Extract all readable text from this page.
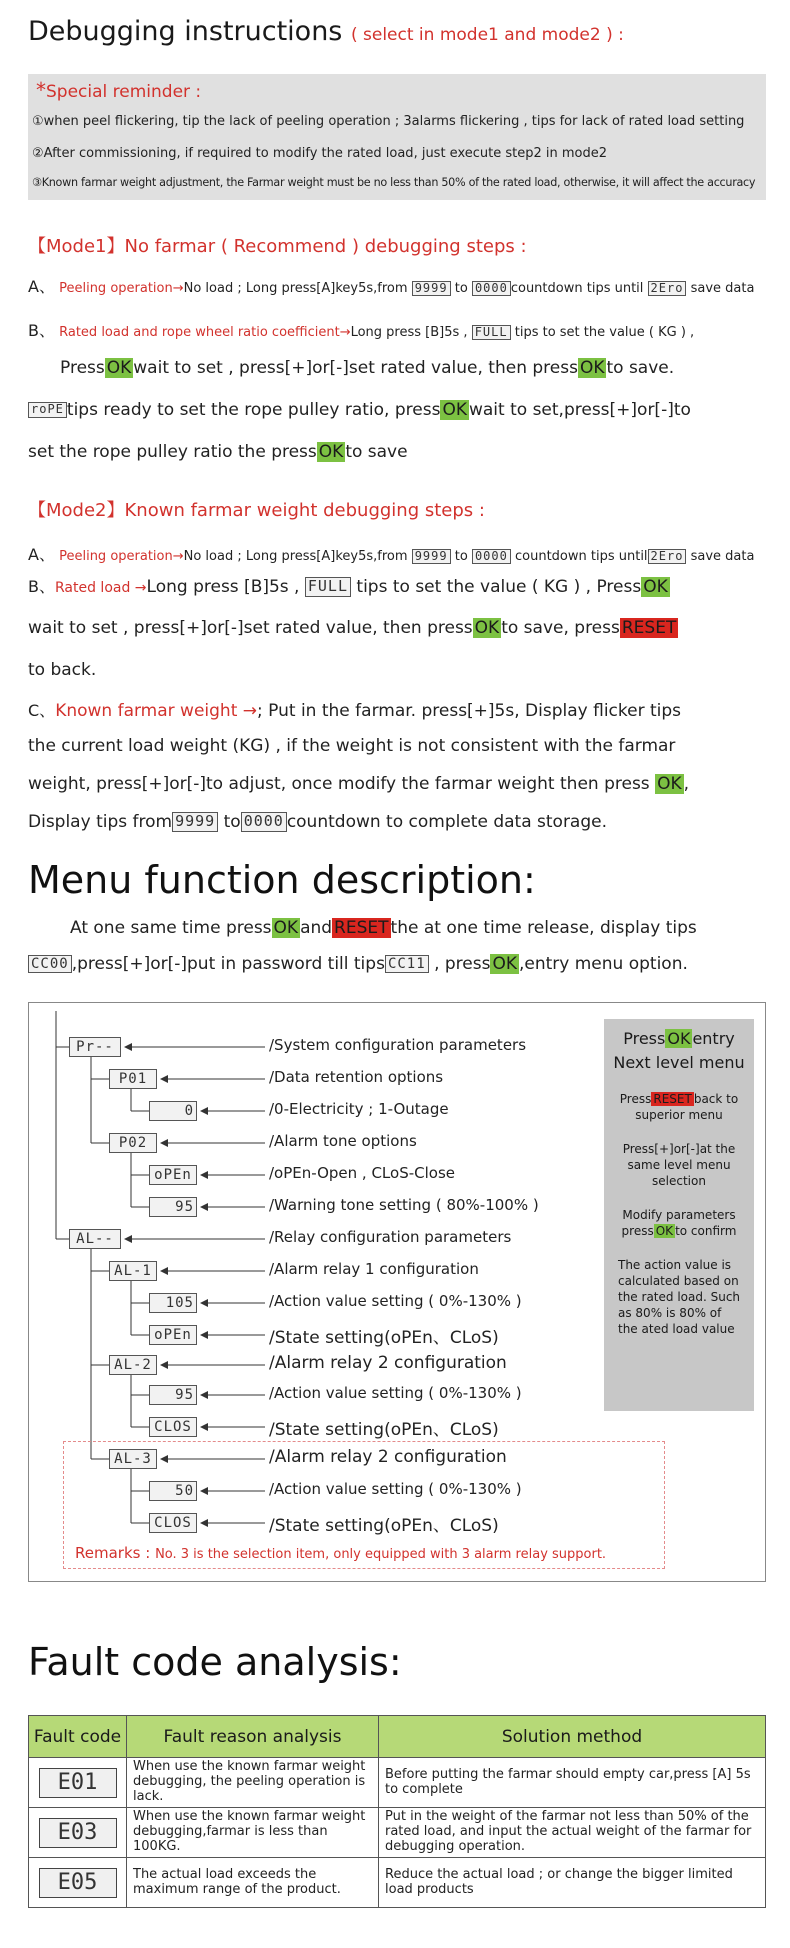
Debugging instructions ( select in mode1 and mode2 ) :
*Special reminder :
①when peel flickering, tip the lack of peeling operation ; 3alarms flickering , tips for lack of rated load setting
②After commissioning, if required to modify the rated load, just execute step2 in mode2
③Known farmar weight adjustment, the Farmar weight must be no less than 50% of the rated load, otherwise, it will affect the accuracy
【Mode1】No farmar ( Recommend ) debugging steps :
A、 Peeling operation→No load ; Long press[A]key5s,from 9999 to 0000 countdown tips until 2Ero save data
B、 Rated load and rope wheel ratio coefficient→Long press [B]5s , FULL tips to set the value ( KG ) ,
Press OK wait to set , press[+]or[-]set rated value, then press OK to save.
roPE tips ready to set the rope pulley ratio, press OK wait to set,press[+]or[-]to
set the rope pulley ratio the press OK to save
【Mode2】Known farmar weight debugging steps :
A、 Peeling operation→No load ; Long press[A]key5s,from 9999 to 0000 countdown tips until 2Ero save data
B、Rated load →Long press [B]5s , FULL tips to set the value ( KG ) , Press OK
wait to set , press[+]or[-]set rated value, then press OK to save, press RESET
to back.
C、Known farmar weight →; Put in the farmar. press[+]5s, Display flicker tips
the current load weight (KG) , if the weight is not consistent with the farmar
weight, press[+]or[-]to adjust, once modify the farmar weight then press OK ,
Display tips from 9999 to 0000 countdown to complete data storage.
Menu function description:
At one same time press OK and RESET the at one time release, display tips
CC00 ,press[+]or[-]put in password till tips CC11 , press OK ,entry menu option.
Pr--
P01
0
P02
oPEn
95
AL--
AL-1
105
oPEn
AL-2
95
CLOS
AL-3
50
CLOS
/System configuration parameters
/Data retention options
/0-Electricity ; 1-Outage
/Alarm tone options
/oPEn-Open , CLoS-Close
/Warning tone setting ( 80%-100% )
/Relay configuration parameters
/Alarm relay 1 configuration
/Action value setting ( 0%-130% )
/State setting(oPEn、CLoS)
/Alarm relay 2 configuration
/Action value setting ( 0%-130% )
/State setting(oPEn、CLoS)
/Alarm relay 2 configuration
/Action value setting ( 0%-130% )
/State setting(oPEn、CLoS)
Press OK entry
Next level menu
Press RESET back to superior menu
Press[+]or[-]at the same level menu selection
Modify parameters press OK to confirm
The action value is calculated based on the rated load. Such as 80% is 80% of the ated load value
Remarks : No. 3 is the selection item, only equipped with 3 alarm relay support.
Fault code analysis:
Fault code	Fault reason analysis	Solution method
E01	When use the known farmar weight debugging, the peeling operation is lack.	Before putting the farmar should empty car,press [A] 5s to complete
E03	When use the known farmar weight debugging,farmar is less than 100KG.	Put in the weight of the farmar not less than 50% of the rated load, and input the actual weight of the farmar for debugging operation.
E05	The actual load exceeds the maximum range of the product.	Reduce the actual load ; or change the bigger limited load products
